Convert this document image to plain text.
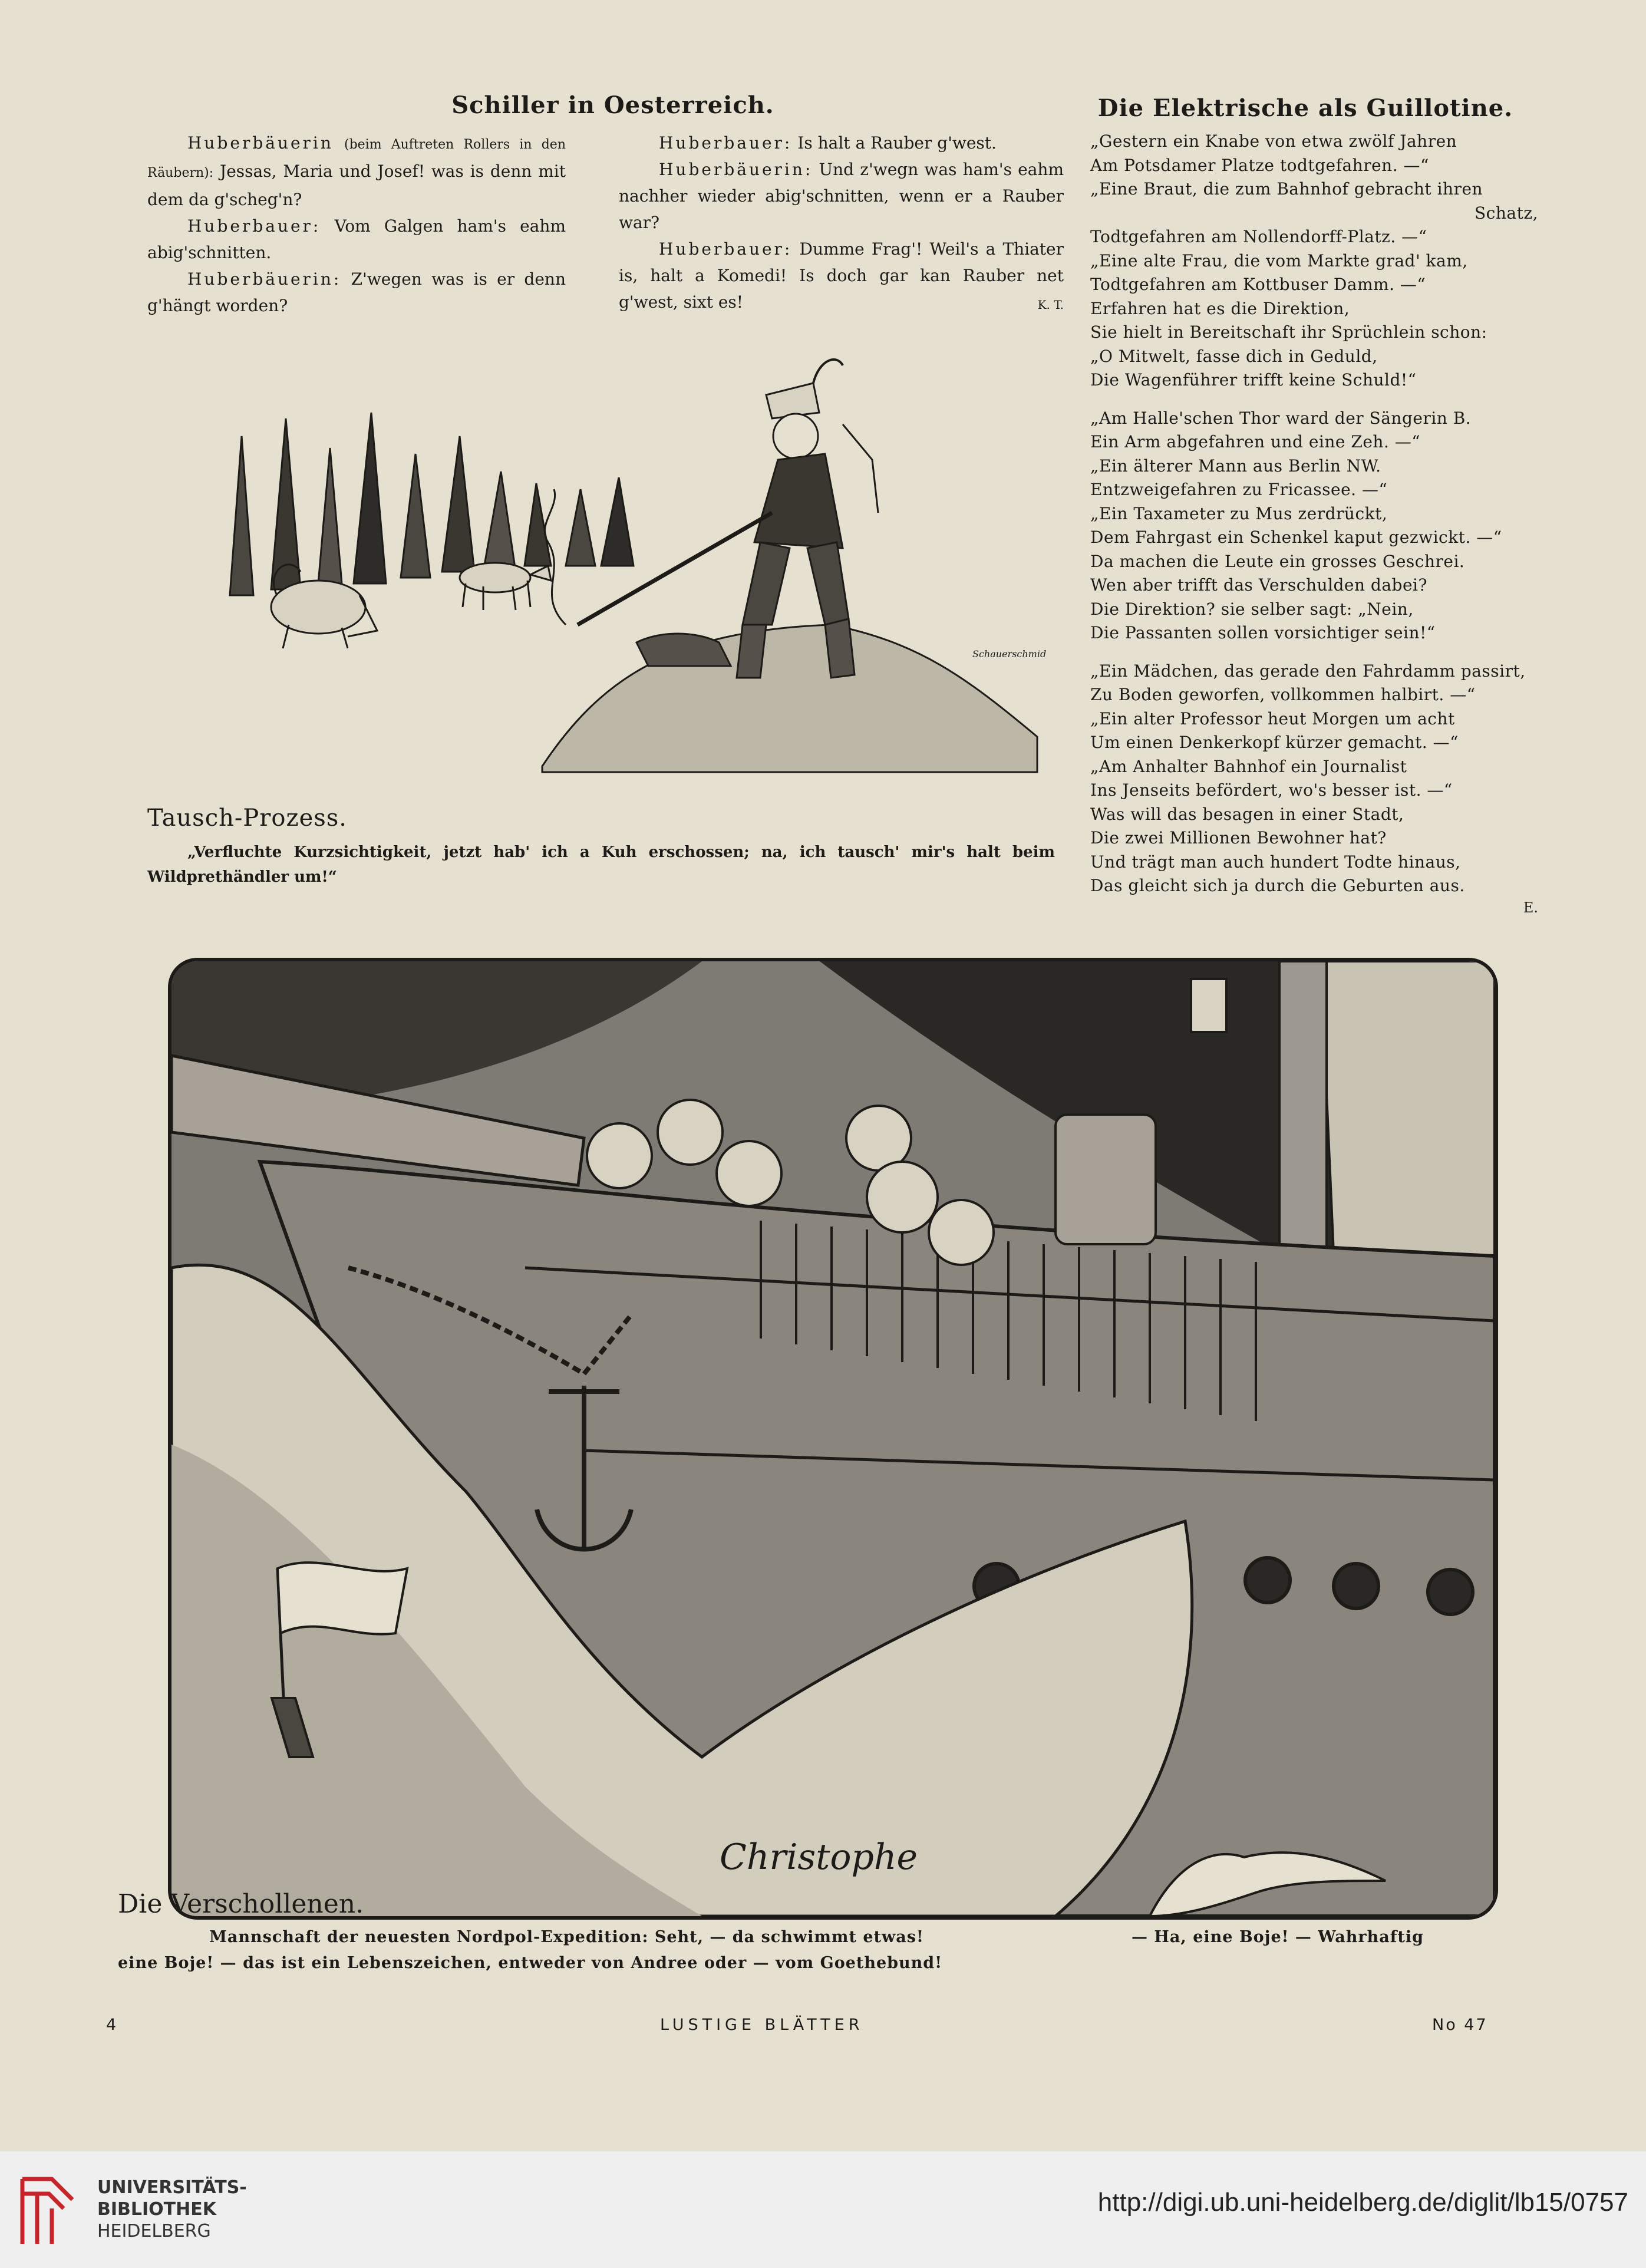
Schiller in Oesterreich.

Huberbäuerin (beim Auftreten Rollers in den Räubern): Jessas, Maria und Josef! was is denn mit dem da g'scheg'n?

Huberbauer: Vom Galgen ham's eahm abig'schnitten.

Huberbäuerin: Z'wegen was is er denn g'hängt worden?

Huberbauer: Is halt a Rauber g'west.

Huberbäuerin: Und z'wegn was ham's eahm nachher wieder abig'schnitten, wenn er a Rauber war?

Huberbauer: Dumme Frag'! Weil's a Thiater is, halt a Komedi! Is doch gar kan Rauber net g'west, sixt es!	K. T.
Schauerschmid
Tausch-Prozess.
„Verfluchte Kurzsichtigkeit, jetzt hab' ich a Kuh erschossen; na, ich tausch' mir's halt beim Wildprethändler um!“
Die Elektrische als Guillotine.
„Gestern ein Knabe von etwa zwölf Jahren
Am Potsdamer Platze todtgefahren. —“
„Eine Braut, die zum Bahnhof gebracht ihren
Schatz,
Todtgefahren am Nollendorff-Platz. —“
„Eine alte Frau, die vom Markte grad' kam,
Todtgefahren am Kottbuser Damm. —“
Erfahren hat es die Direktion,
Sie hielt in Bereitschaft ihr Sprüchlein schon:
„O Mitwelt, fasse dich in Geduld,
Die Wagenführer trifft keine Schuld!“
„Am Halle'schen Thor ward der Sängerin B.
Ein Arm abgefahren und eine Zeh. —“
„Ein älterer Mann aus Berlin NW.
Entzweigefahren zu Fricassee. —“
„Ein Taxameter zu Mus zerdrückt,
Dem Fahrgast ein Schenkel kaput gezwickt. —“
Da machen die Leute ein grosses Geschrei.
Wen aber trifft das Verschulden dabei?
Die Direktion? sie selber sagt: „Nein,
Die Passanten sollen vorsichtiger sein!“
„Ein Mädchen, das gerade den Fahrdamm passirt,
Zu Boden geworfen, vollkommen halbirt. —“
„Ein alter Professor heut Morgen um acht
Um einen Denkerkopf kürzer gemacht. —“
„Am Anhalter Bahnhof ein Journalist
Ins Jenseits befördert, wo's besser ist. —“
Was will das besagen in einer Stadt,
Die zwei Millionen Bewohner hat?
Und trägt man auch hundert Todte hinaus,
Das gleicht sich ja durch die Geburten aus.
E.
Christophe
Die Verschollenen.
Mannschaft der neuesten Nordpol-Expedition: Seht, — da schwimmt etwas!	— Ha, eine Boje! — Wahrhaftig
eine Boje! — das ist ein Lebenszeichen, entweder von Andree oder — vom Goethebund!
4	LUSTIGE BLÄTTER	No 47
UNIVERSITÄTS-
BIBLIOTHEK
HEIDELBERG
http://digi.ub.uni-heidelberg.de/diglit/lb15/0757
